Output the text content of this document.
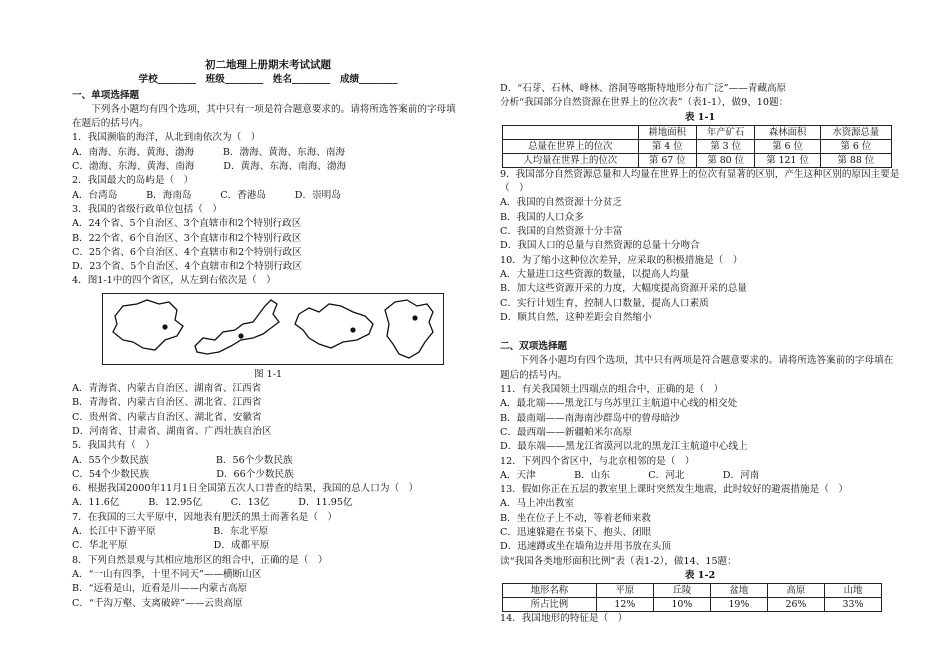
初二地理上册期末考试试题
学校________　班级________　姓名________　成绩________
一、单项选择题
下列各小题均有四个选项，其中只有一项是符合题意要求的。请将所选答案前的字母填在题后的括号内。
1．我国濒临的海洋，从北到南依次为（　）
A．南海、东海、黄海、渤海　　　B．渤海、黄海、东海、南海
C．渤海、东海、黄海、南海　　　D．黄海、东海、南海、渤海
2．我国最大的岛屿是（　）
A．台湾岛　　　B．海南岛　　　C．香港岛　　　D．崇明岛
3．我国的省级行政单位包括（　）
A．24个省、5个自治区、3个直辖市和2个特别行政区
B．22个省、6个自治区、3个直辖市和2个特别行政区
C．25个省、6个自治区、4个直辖市和2个特别行政区
D．23个省、5个自治区、4个直辖市和2个特别行政区
4．图1-1中的四个省区，从左到右依次是（　）
图 1-1
A．青海省、内蒙古自治区、湖南省、江西省
B．青海省、内蒙古自治区、湖北省、江西省
C．贵州省、内蒙古自治区、湖北省、安徽省
D．河南省、甘肃省、湖南省、广西壮族自治区
5．我国共有（　）
A．55个少数民族　　　　　　　B．56个少数民族
C．54个少数民族　　　　　　　D．66个少数民族
6．根据我国2000年11月1日全国第五次人口普查的结果，我国的总人口为（　）
A．11.6亿　　　B．12.95亿　　　C．13亿　　　D．11.95亿
7．在我国的三大平原中，因地表有肥沃的黑土而著名是（　）
A．长江中下游平原　　　　　　B．东北平原
C．华北平原　　　　　　　　　D．成都平原
8．下列自然景观与其相应地形区的组合中，正确的是（　）
A．“一山有四季，十里不同天”——横断山区
B．“远看是山，近看是川——内蒙古高原
C．“千沟万壑、支离破碎”——云贵高原
D．“石芽、石林、峰林、溶洞等喀斯特地形分布广泛”——青藏高原
分析“我国部分自然资源在世界上的位次表”（表1-1），做9、10题：
表 1-1
	耕地面积	年产矿石	森林面积	水资源总量
总量在世界上的位次	第 4 位	第 3 位	第 6 位	第 6 位
人均量在世界上的位次	第 67 位	第 80 位	第 121 位	第 88 位
9．我国部分自然资源总量和人均量在世界上的位次有显著的区别，产生这种区别的原因主要是（　）
A．我国的自然资源十分贫乏
B．我国的人口众多
C．我国的自然资源十分丰富
D．我国人口的总量与自然资源的总量十分吻合
10．为了缩小这种位次差异，应采取的积极措施是（　）
A．大量进口这些资源的数量，以提高人均量
B．加大这些资源开采的力度，大幅度提高资源开采的总量
C．实行计划生育，控制人口数量，提高人口素质
D．顺其自然，这种差距会自然缩小
二、双项选择题
下列各小题均有四个选项，其中只有两项是符合题意要求的。请将所选答案前的字母填在题后的括号内。
11．有关我国领土四端点的组合中，正确的是（　）
A．最北端——黑龙江与乌苏里江主航道中心线的相交处
B．最南端——南海南沙群岛中的曾母暗沙
C．最西端——新疆帕米尔高原
D．最东端——黑龙江省漠河以北的黑龙江主航道中心线上
12．下列四个省区中，与北京相邻的是（　）
A．天津　　　　B．山东　　　　C．河北　　　　D．河南
13．假如你正在五层的教室里上课时突然发生地震，此时较好的避震措施是（　）
A．马上冲出教室
B．坐在位子上不动，等着老师来救
C．迅速躲避在书桌下、抱头、闭眼
D．迅速蹲或坐在墙角边并用书放在头顶
读“我国各类地形面积比例”表（表1-2），做14、15题：
表 1-2
地形名称	平原	丘陵	盆地	高原	山地
所占比例	12%	10%	19%	26%	33%
14．我国地形的特征是（　）
